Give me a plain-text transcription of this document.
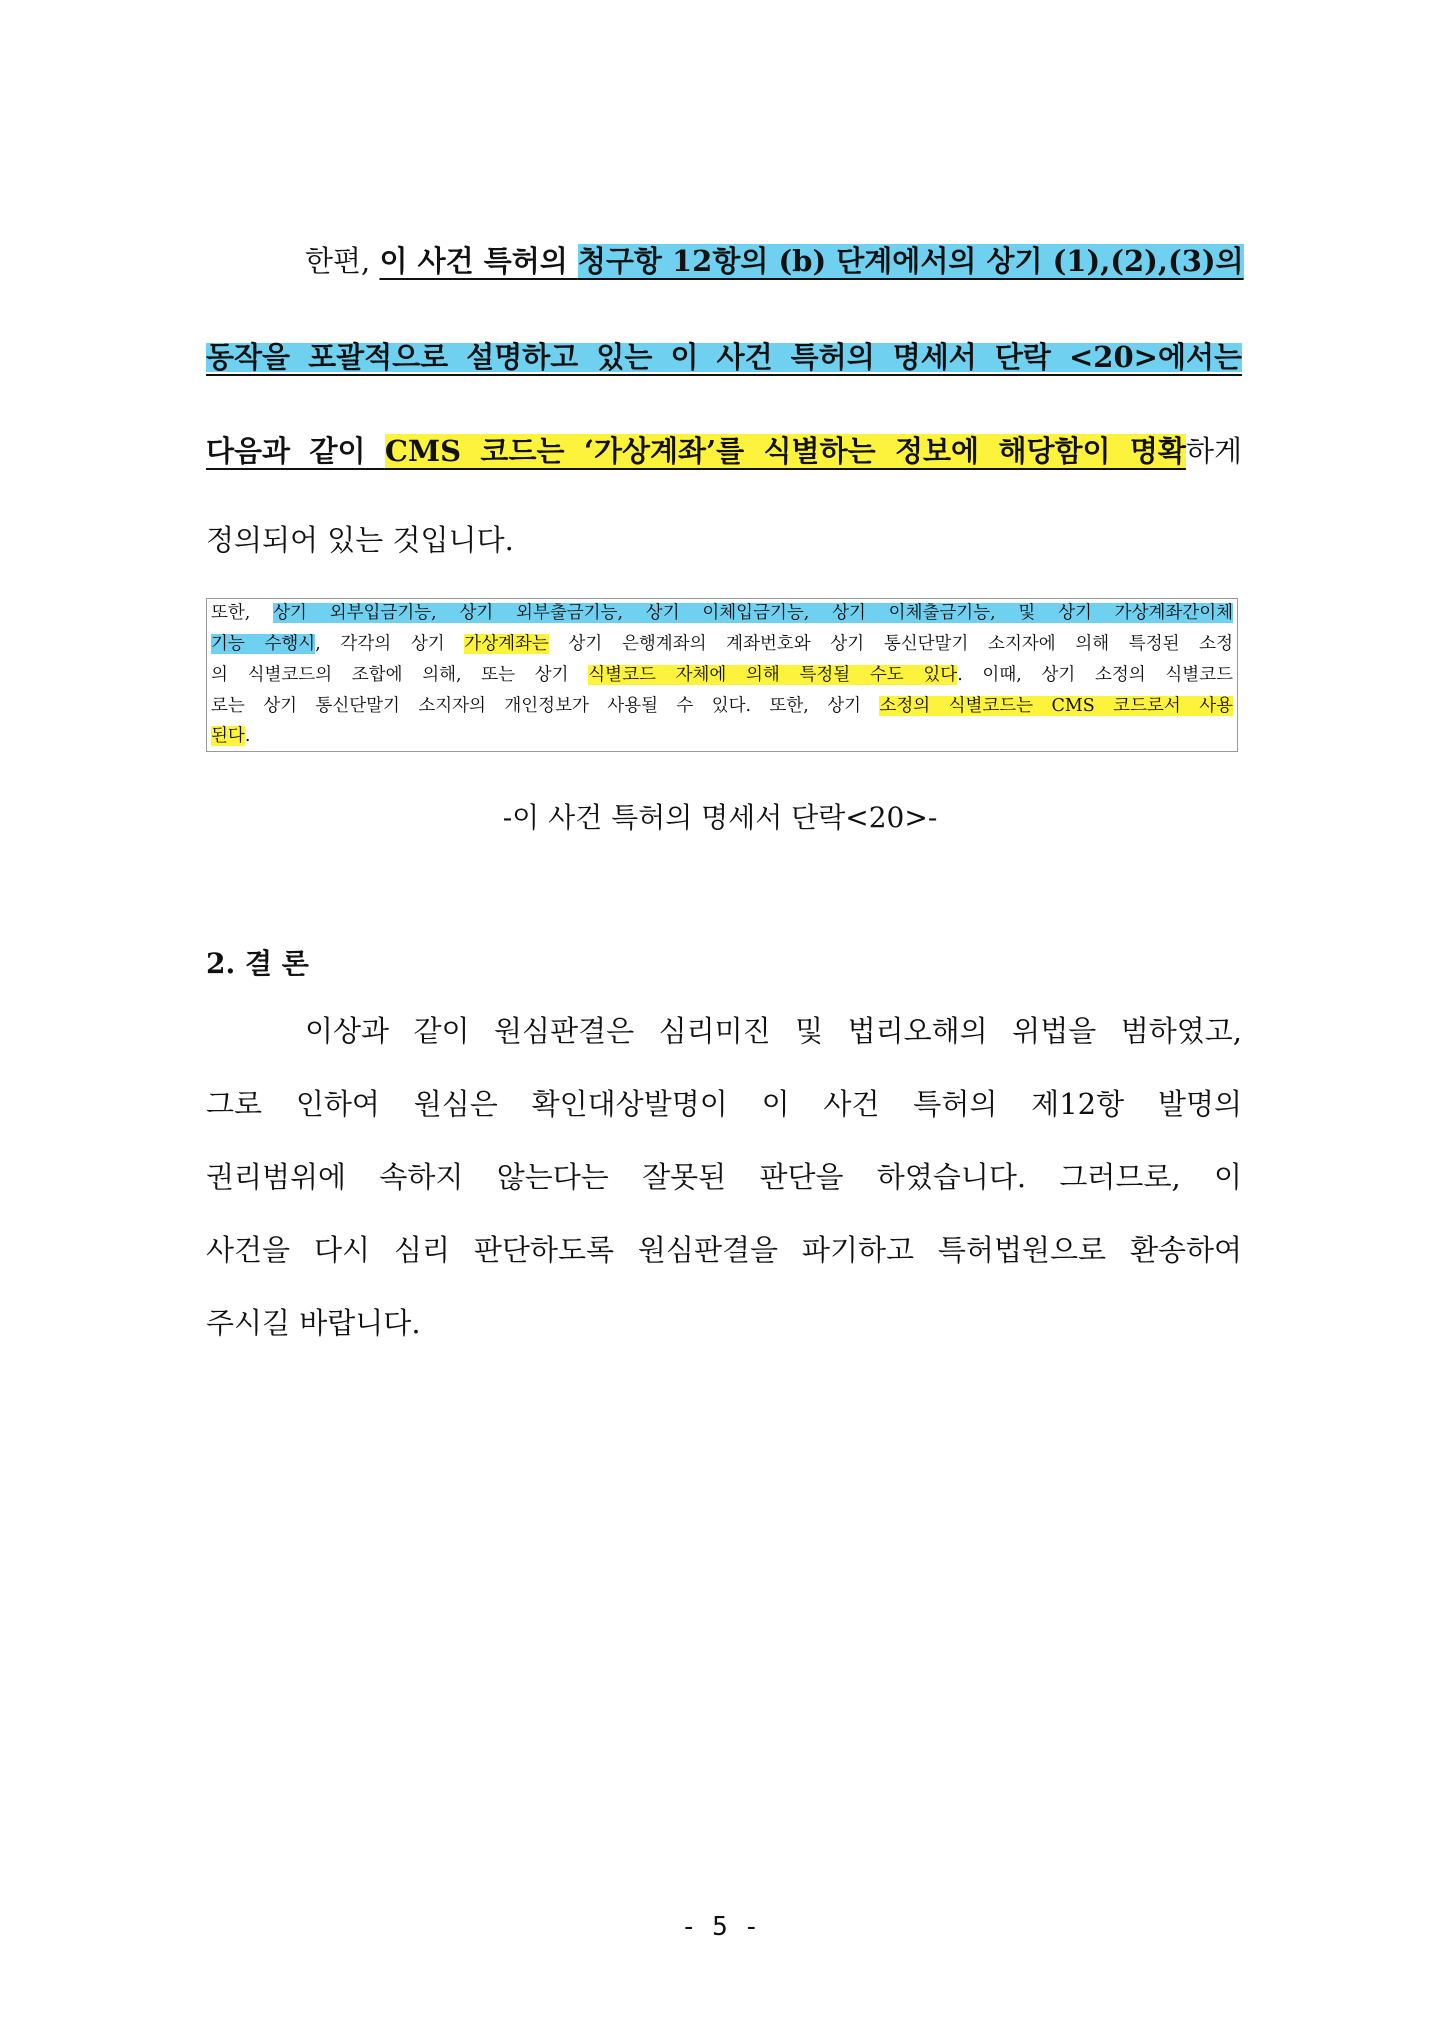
한편, 이 사건 특허의 청구항 12항의 (b) 단계에서의 상기 (1),(2),(3)의
동작을 포괄적으로 설명하고 있는 이 사건 특허의 명세서 단락 <20>에서는
다음과 같이 CMS 코드는 ‘가상계좌’를 식별하는 정보에 해당함이 명확하게
정의되어 있는 것입니다.
또한, 상기 외부입금기능, 상기 외부출금기능, 상기 이체입금기능, 상기 이체출금기능, 및 상기 가상계좌간이체
기능 수행시, 각각의 상기 가상계좌는 상기 은행계좌의 계좌번호와 상기 통신단말기 소지자에 의해 특정된 소정
의 식별코드의 조합에 의해, 또는 상기 식별코드 자체에 의해 특정될 수도 있다. 이때, 상기 소정의 식별코드
로는 상기 통신단말기 소지자의 개인정보가 사용될 수 있다. 또한, 상기 소정의 식별코드는 CMS 코드로서 사용
된다.
-이 사건 특허의 명세서 단락<20>-
2. 결 론
이상과 같이 원심판결은 심리미진 및 법리오해의 위법을 범하였고,
그로 인하여 원심은 확인대상발명이 이 사건 특허의 제12항 발명의
권리범위에 속하지 않는다는 잘못된 판단을 하였습니다. 그러므로, 이
사건을 다시 심리 판단하도록 원심판결을 파기하고 특허법원으로 환송하여
주시길 바랍니다.
- 5 -
